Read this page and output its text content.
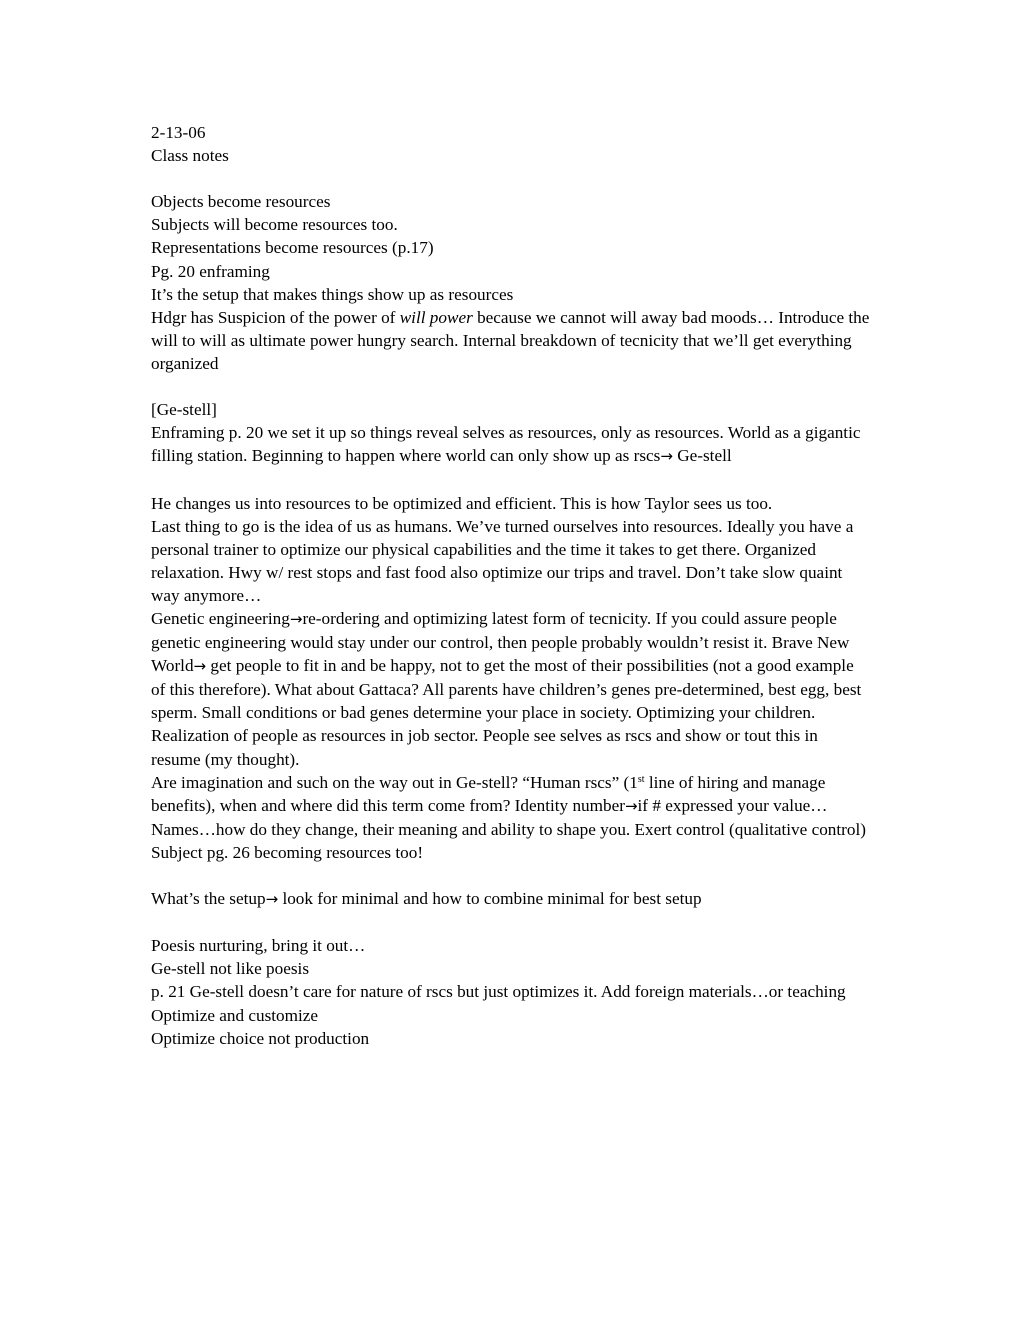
2-13-06

Class notes

Objects become resources

Subjects will become resources too.

Representations become resources (p.17)

Pg. 20 enframing

It’s the setup that makes things show up as resources

Hdgr has Suspicion of the power of will power because we cannot will away bad moods… Introduce the will to will as ultimate power hungry search. Internal breakdown of tecnicity that we’ll get everything organized

[Ge-stell]

Enframing p. 20 we set it up so things reveal selves as resources, only as resources. World as a gigantic filling station. Beginning to happen where world can only show up as rscs→ Ge-stell

He changes us into resources to be optimized and efficient. This is how Taylor sees us too.

Last thing to go is the idea of us as humans. We’ve turned ourselves into resources. Ideally you have a personal trainer to optimize our physical capabilities and the time it takes to get there. Organized relaxation. Hwy w/ rest stops and fast food also optimize our trips and travel. Don’t take slow quaint way anymore…

Genetic engineering→re-ordering and optimizing latest form of tecnicity. If you could assure people genetic engineering would stay under our control, then people probably wouldn’t resist it. Brave New World→ get people to fit in and be happy, not to get the most of their possibilities (not a good example of this therefore). What about Gattaca? All parents have children’s genes pre-determined, best egg, best sperm. Small conditions or bad genes determine your place in society. Optimizing your children. Realization of people as resources in job sector. People see selves as rscs and show or tout this in resume (my thought).

Are imagination and such on the way out in Ge-stell? “Human rscs” (1st line of hiring and manage benefits), when and where did this term come from? Identity number→if # expressed your value… Names…how do they change, their meaning and ability to shape you. Exert control (qualitative control)

Subject pg. 26 becoming resources too!

What’s the setup→ look for minimal and how to combine minimal for best setup

Poesis nurturing, bring it out…

Ge-stell not like poesis

p. 21 Ge-stell doesn’t care for nature of rscs but just optimizes it. Add foreign materials…or teaching

Optimize and customize

Optimize choice not production
